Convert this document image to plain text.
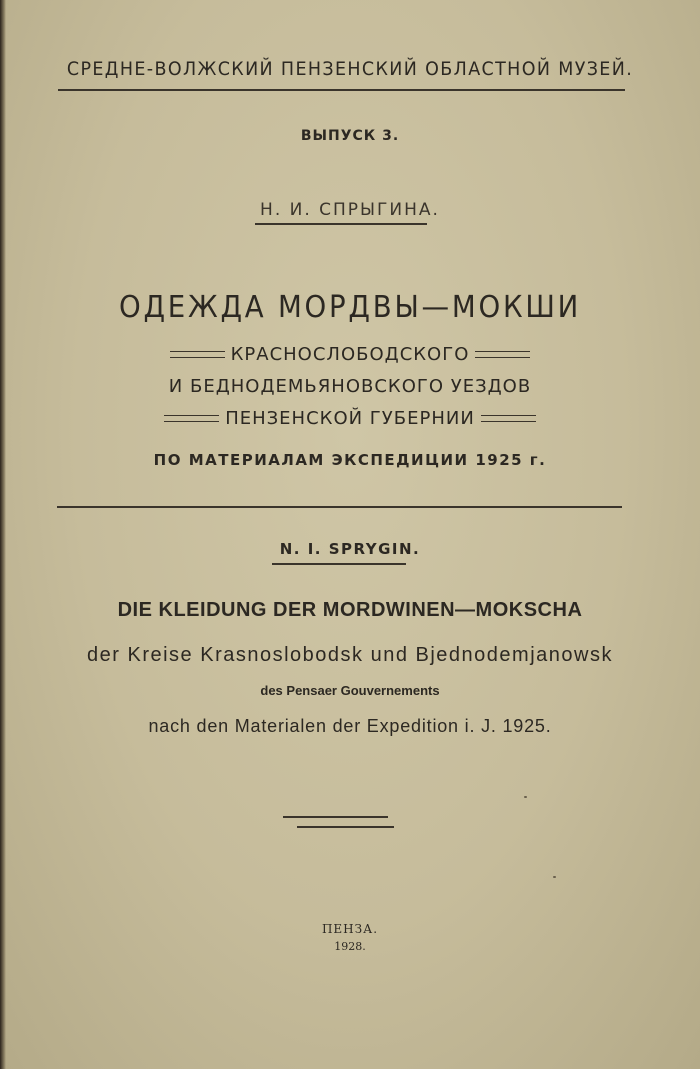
СРЕДНЕ-ВОЛЖСКИЙ ПЕНЗЕНСКИЙ ОБЛАСТНОЙ МУЗЕЙ.
ВЫПУСК 3.
Н. И. СПРЫГИНА.
ОДЕЖДА МОРДВЫ—МОКШИ
КРАСНОСЛОБОДСКОГО
И БЕДНОДЕМЬЯНОВСКОГО УЕЗДОВ
ПЕНЗЕНСКОЙ ГУБЕРНИИ
ПО МАТЕРИАЛАМ ЭКСПЕДИЦИИ 1925 г.
N. I. SPRYGIN.
DIE KLEIDUNG DER MORDWINEN—MOKSCHA
der Kreise Krasnoslobodsk und Bjednodemjanowsk
des Pensaer Gouvernements
nach den Materialen der Expedition i. J. 1925.
ПЕНЗА.
1928.
